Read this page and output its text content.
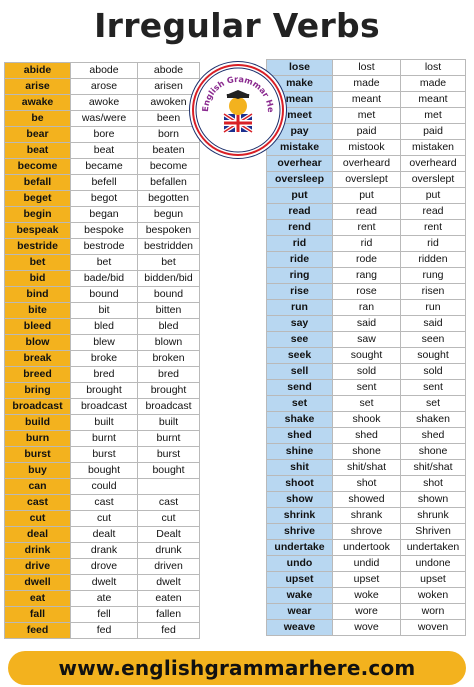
Irregular Verbs
abide	abode	abode
arise	arose	arisen
awake	awoke	awoken
be	was/were	been
bear	bore	born
beat	beat	beaten
become	became	become
befall	befell	befallen
beget	begot	begotten
begin	began	begun
bespeak	bespoke	bespoken
bestride	bestrode	bestridden
bet	bet	bet
bid	bade/bid	bidden/bid
bind	bound	bound
bite	bit	bitten
bleed	bled	bled
blow	blew	blown
break	broke	broken
breed	bred	bred
bring	brought	brought
broadcast	broadcast	broadcast
build	built	built
burn	burnt	burnt
burst	burst	burst
buy	bought	bought
can	could	
cast	cast	cast
cut	cut	cut
deal	dealt	Dealt
drink	drank	drunk
drive	drove	driven
dwell	dwelt	dwelt
eat	ate	eaten
fall	fell	fallen
feed	fed	fed
lose	lost	lost
make	made	made
mean	meant	meant
meet	met	met
pay	paid	paid
mistake	mistook	mistaken
overhear	overheard	overheard
oversleep	overslept	overslept
put	put	put
read	read	read
rend	rent	rent
rid	rid	rid
ride	rode	ridden
ring	rang	rung
rise	rose	risen
run	ran	run
say	said	said
see	saw	seen
seek	sought	sought
sell	sold	sold
send	sent	sent
set	set	set
shake	shook	shaken
shed	shed	shed
shine	shone	shone
shit	shit/shat	shit/shat
shoot	shot	shot
show	showed	shown
shrink	shrank	shrunk
shrive	shrove	Shriven
undertake	undertook	undertaken
undo	undid	undone
upset	upset	upset
wake	woke	woken
wear	wore	worn
weave	wove	woven
English Grammar He
www.englishgrammarhere.com
